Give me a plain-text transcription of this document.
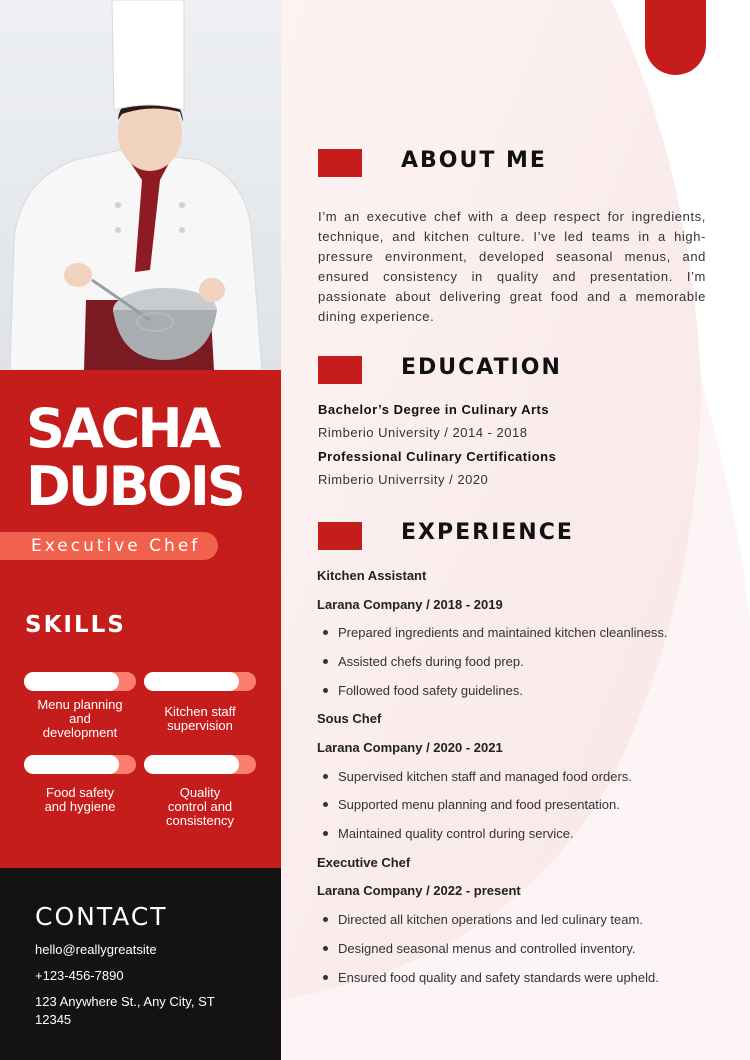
SACHA
DUBOIS
Executive Chef
SKILLS
Menu planning
and
development
Kitchen staff
supervision
Food safety
and hygiene
Quality
control and
consistency
CONTACT
hello@reallygreatsite
+123-456-7890
123 Anywhere St., Any City, ST
12345
ABOUT ME
I’m an executive chef with a deep respect for ingredients, technique, and kitchen culture. I’ve led teams in a high-pressure environment, developed seasonal menus, and ensured consistency in quality and presentation. I’m passionate about delivering great food and a memorable dining experience.
EDUCATION
Bachelor’s Degree in Culinary Arts
Rimberio University / 2014 - 2018
Professional Culinary Certifications
Rimberio Univerrsity / 2020
EXPERIENCE
Kitchen Assistant
Larana Company / 2018 - 2019
Prepared ingredients and maintained kitchen cleanliness.
Assisted chefs during food prep.
Followed food safety guidelines.
Sous Chef
Larana Company / 2020 - 2021
Supervised kitchen staff and managed food orders.
Supported menu planning and food presentation.
Maintained quality control during service.
Executive Chef
Larana Company / 2022 - present
Directed all kitchen operations and led culinary team.
Designed seasonal menus and controlled inventory.
Ensured food quality and safety standards were upheld.
